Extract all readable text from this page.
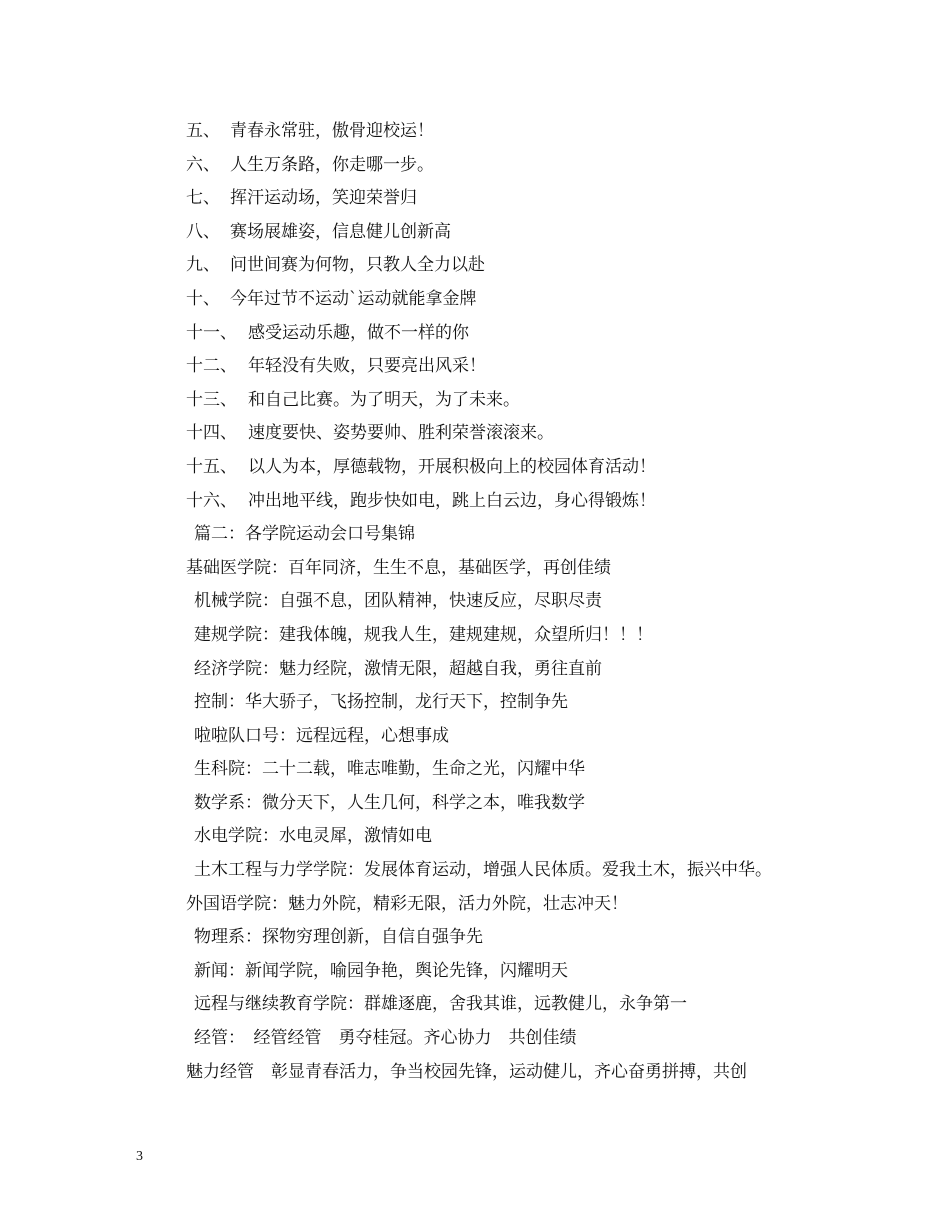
五、 青春永常驻，傲骨迎校运！
六、 人生万条路，你走哪一步。
七、 挥汗运动场，笑迎荣誉归
八、 赛场展雄姿，信息健儿创新高
九、 问世间赛为何物，只教人全力以赴
十、 今年过节不运动`运动就能拿金牌
十一、 感受运动乐趣，做不一样的你
十二、 年轻没有失败，只要亮出风采！
十三、 和自己比赛。为了明天，为了未来。
十四、 速度要快、姿势要帅、胜利荣誉滚滚来。
十五、 以人为本，厚德载物，开展积极向上的校园体育活动！
十六、 冲出地平线，跑步快如电，跳上白云边，身心得锻炼！
篇二：各学院运动会口号集锦
基础医学院：百年同济，生生不息，基础医学，再创佳绩
机械学院：自强不息，团队精神，快速反应，尽职尽责
建规学院：建我体魄，规我人生，建规建规，众望所归！！！
经济学院：魅力经院，激情无限，超越自我，勇往直前
控制：华大骄子，飞扬控制，龙行天下，控制争先
啦啦队口号：远程远程，心想事成
生科院：二十二载，唯志唯勤，生命之光，闪耀中华
数学系：微分天下，人生几何，科学之本，唯我数学
水电学院：水电灵犀，激情如电
土木工程与力学学院：发展体育运动，增强人民体质。爱我土木，振兴中华。
外国语学院：魅力外院，精彩无限，活力外院，壮志冲天！
物理系：探物穷理创新，自信自强争先
新闻：新闻学院，喻园争艳，舆论先锋，闪耀明天
远程与继续教育学院：群雄逐鹿，舍我其谁，远教健儿，永争第一
经管：　经管经管　勇夺桂冠。齐心协力　共创佳绩
魅力经管　彰显青春活力，争当校园先锋，运动健儿，齐心奋勇拼搏，共创
3
